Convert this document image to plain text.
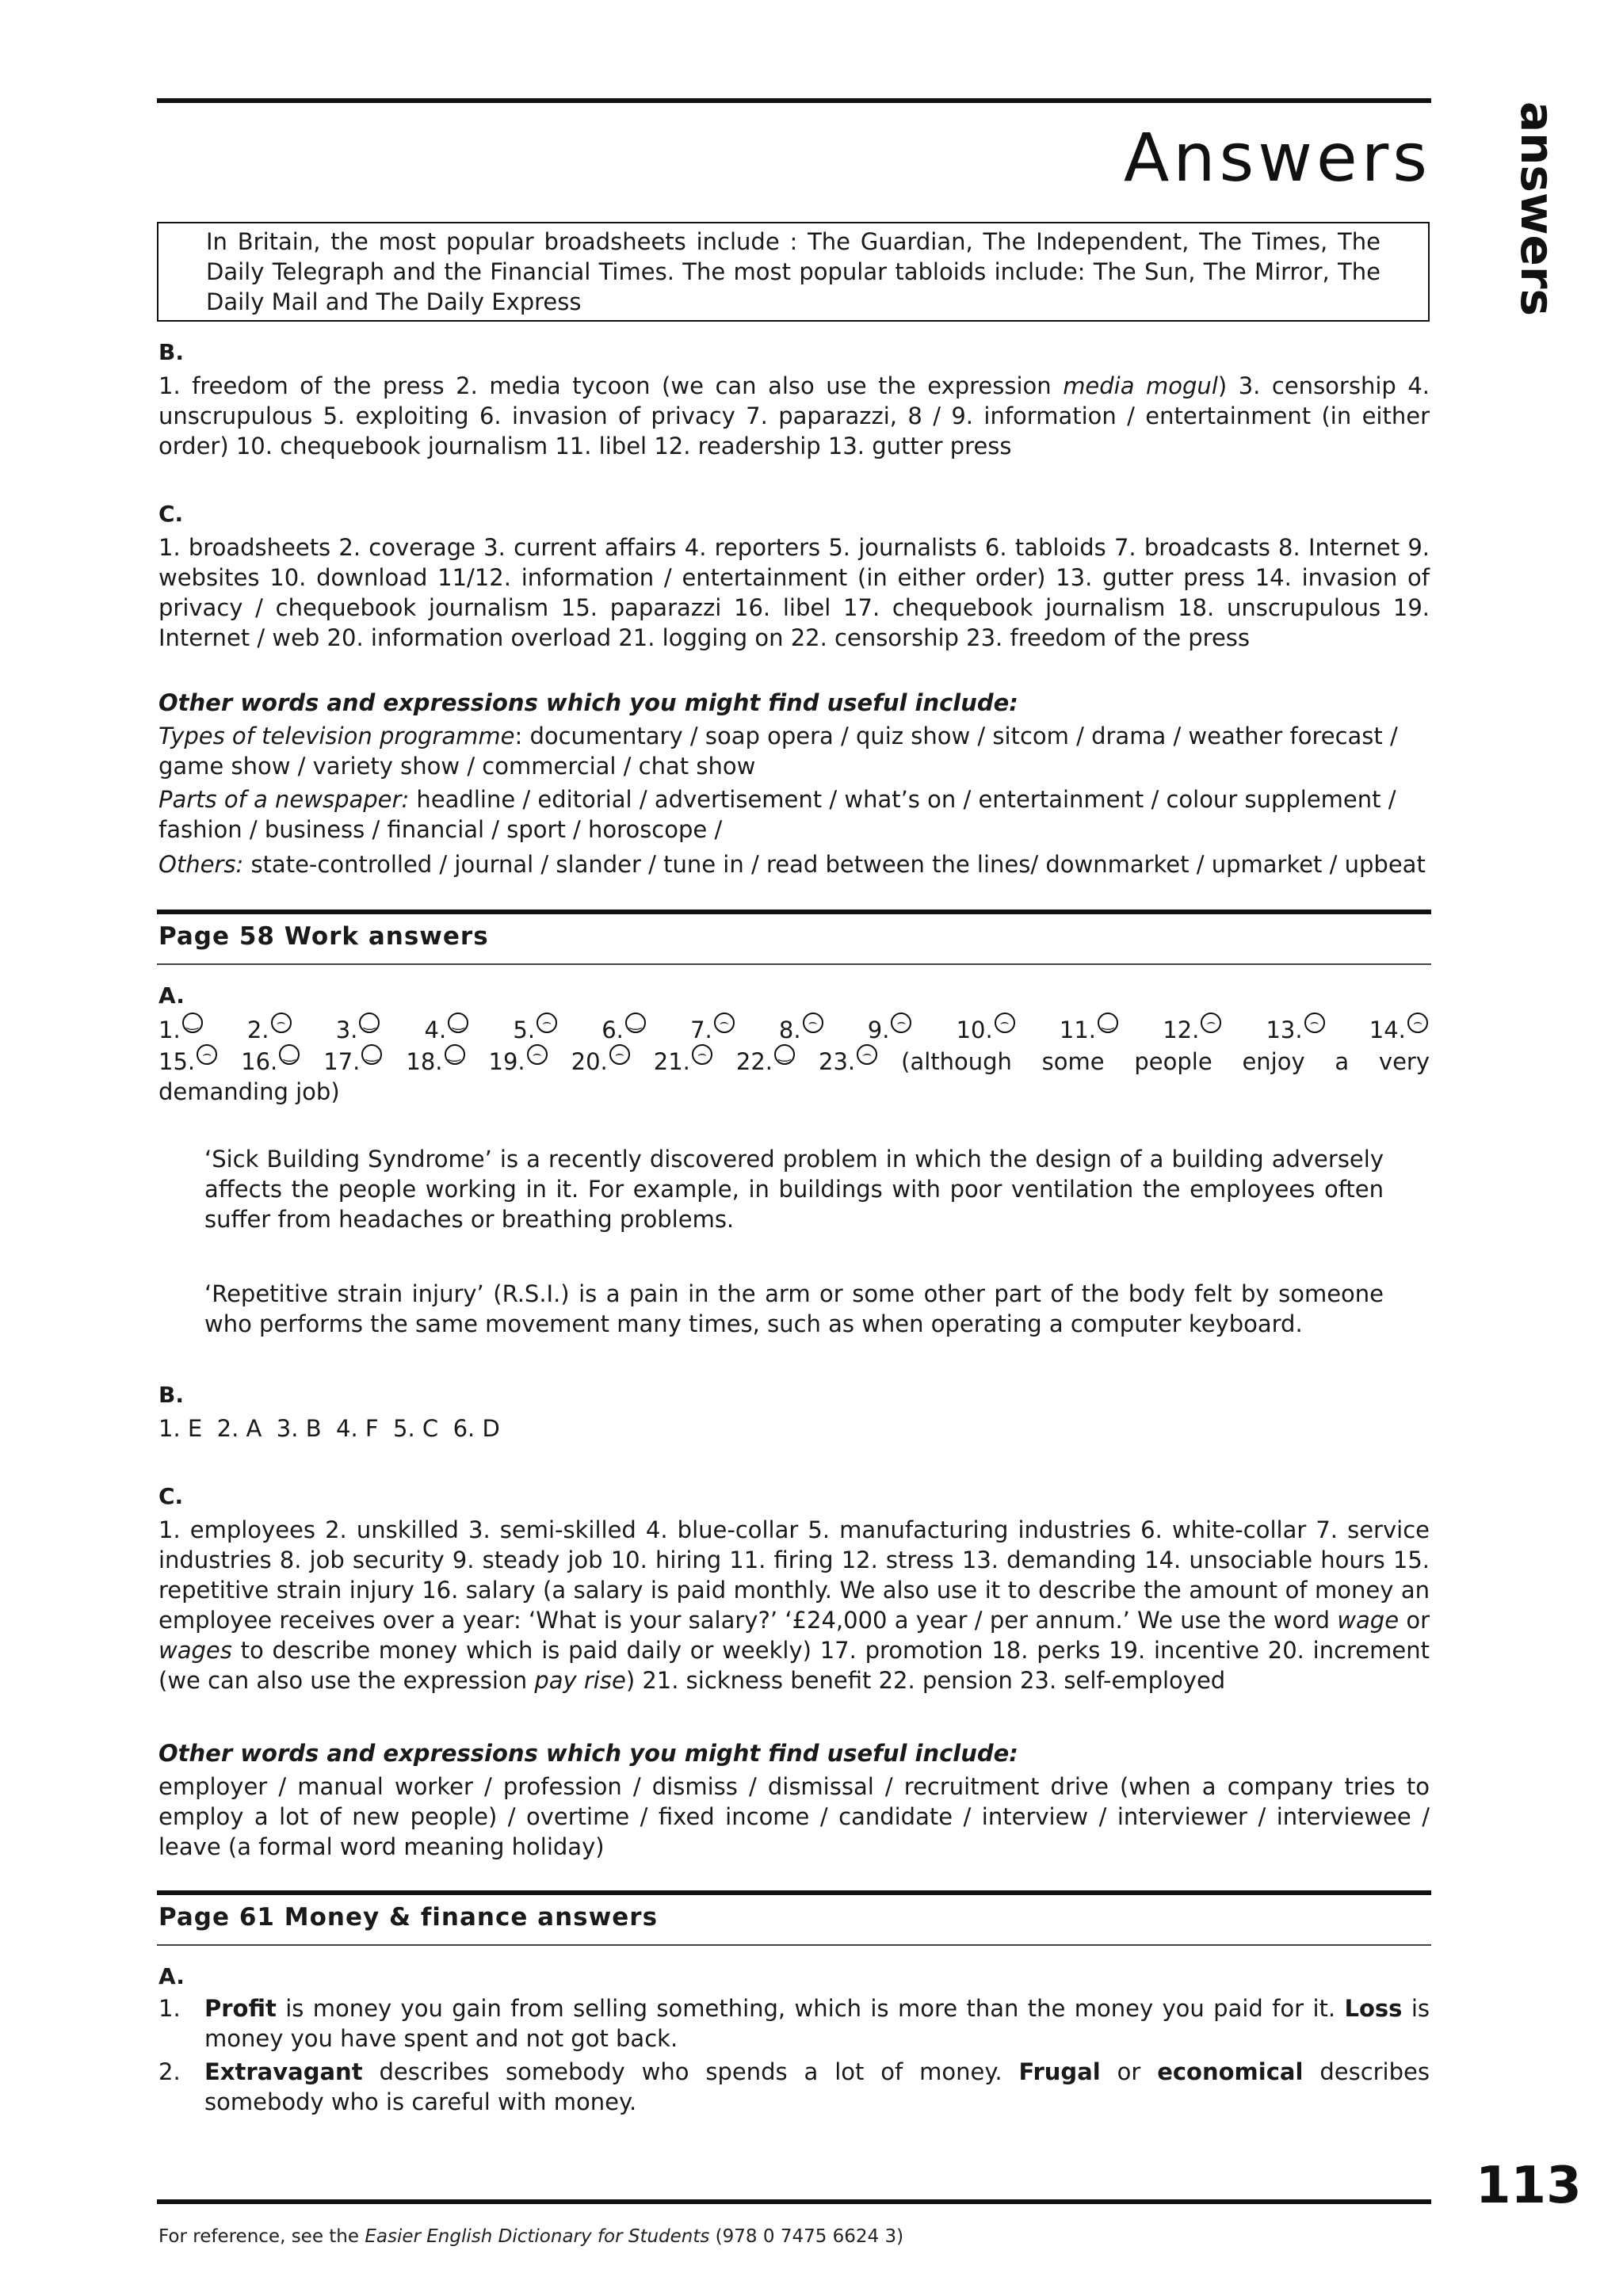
Answers answers
In Britain, the most popular broadsheets include : The Guardian, The Independent, The Times, The Daily Telegraph and the Financial Times. The most popular tabloids include: The Sun, The Mirror, The Daily Mail and The Daily Express
B.
1. freedom of the press 2. media tycoon (we can also use the expression media mogul) 3. censorship 4. unscrupulous 5. exploiting 6. invasion of privacy 7. paparazzi, 8 / 9. information / entertainment (in either order) 10. chequebook journalism 11. libel 12. readership 13. gutter press
C.
1. broadsheets 2. coverage 3. current affairs 4. reporters 5. journalists 6. tabloids 7. broadcasts 8. Internet 9. websites 10. download 11/12. information / entertainment (in either order) 13. gutter press 14. invasion of privacy / chequebook journalism 15. paparazzi 16. libel 17. chequebook journalism 18. unscrupulous 19. Internet / web 20. information overload 21. logging on 22. censorship 23. freedom of the press
Other words and expressions which you might find useful include:
Types of television programme: documentary / soap opera / quiz show / sitcom / drama / weather forecast / game show / variety show / commercial / chat show
Parts of a newspaper: headline / editorial / advertisement / what’s on / entertainment / colour supplement / fashion / business / financial / sport / horoscope /
Others: state-controlled / journal / slander / tune in / read between the lines/ downmarket / upmarket / upbeat
Page 58 Work answers
A.
1. ‿ 2. ⌢	3. ‿ 4. ‿ 5. ⌢	6. ‿ 7. ⌢	8. ⌢	9. ⌢	10. ⌢	11. ‿ 12. ⌢	13. ⌢	14. ⌢
15. ⌢ 16. ‿ 17. ‿ 18. ‿ 19. ⌢ 20. ⌢ 21. ⌢ 22. ‿ 23. ⌢ (although some people enjoy a very demanding job)
‘Sick Building Syndrome’ is a recently discovered problem in which the design of a building adversely affects the people working in it. For example, in buildings with poor ventilation the employees often suffer from headaches or breathing problems.
‘Repetitive strain injury’ (R.S.I.) is a pain in the arm or some other part of the body felt by someone who performs the same movement many times, such as when operating a computer keyboard.
B.
1. E  2. A  3. B  4. F  5. C  6. D
C.
1. employees 2. unskilled 3. semi-skilled 4. blue-collar 5. manufacturing industries 6. white-collar 7. service industries 8. job security 9. steady job 10. hiring 11. firing 12. stress 13. demanding 14. unsociable hours 15. repetitive strain injury 16. salary (a salary is paid monthly. We also use it to describe the amount of money an employee receives over a year: ‘What is your salary?’ ‘£24,000 a year / per annum.’ We use the word wage or wages to describe money which is paid daily or weekly) 17. promotion 18. perks 19. incentive 20. increment (we can also use the expression pay rise) 21. sickness benefit 22. pension 23. self-employed
Other words and expressions which you might find useful include:
employer / manual worker / profession / dismiss / dismissal / recruitment drive (when a company tries to employ a lot of new people) / overtime / fixed income / candidate / interview / interviewer / interviewee / leave (a formal word meaning holiday)
Page 61 Money & finance answers
A.
1. Profit is money you gain from selling something, which is more than the money you paid for it. Loss is money you have spent and not got back.
2. Extravagant describes somebody who spends a lot of money. Frugal or economical describes somebody who is careful with money.
113
For reference, see the Easier English Dictionary for Students (978 0 7475 6624 3)
